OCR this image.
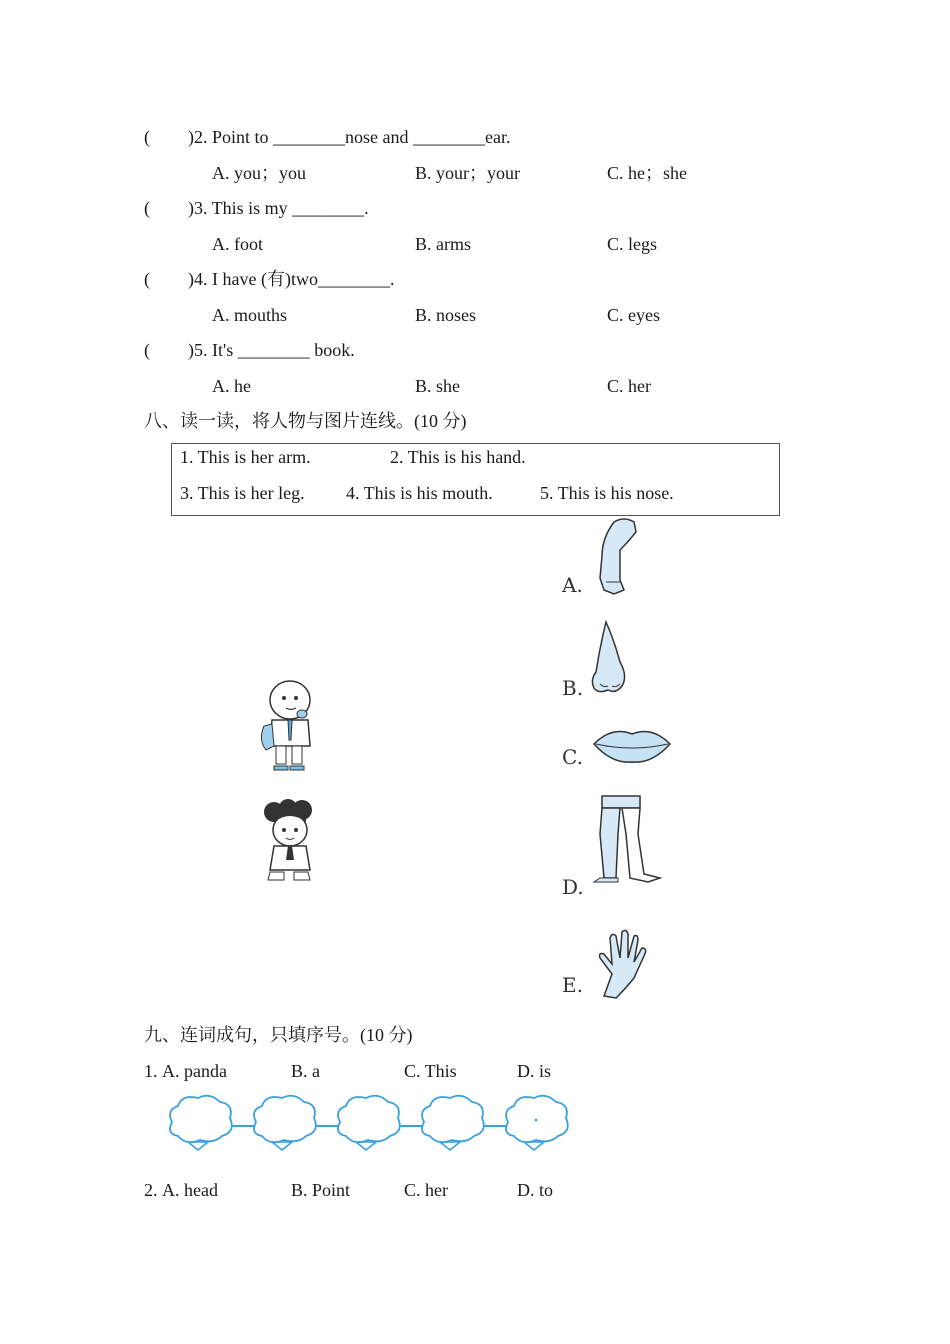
( )2. Point to ________nose and ________ear.
A. you；you	B. your；your	C. he；she
( )3. This is my ________.
A. foot	B. arms	C. legs
( )4. I have (有)two________.
A. mouths	B. noses	C. eyes
( )5. It's ________ book.
A. he	B. she	C. her
八、读一读，将人物与图片连线。(10 分)
1. This is her arm.	2. This is his hand.
3. This is her leg. 4. This is his mouth.	5. This is his nose.
A.
B.
C.
D.
E.
九、连词成句，只填序号。(10 分)
1. A. panda	B. a	C. This	D. is
2. A. head	B. Point	C. her	D. to
